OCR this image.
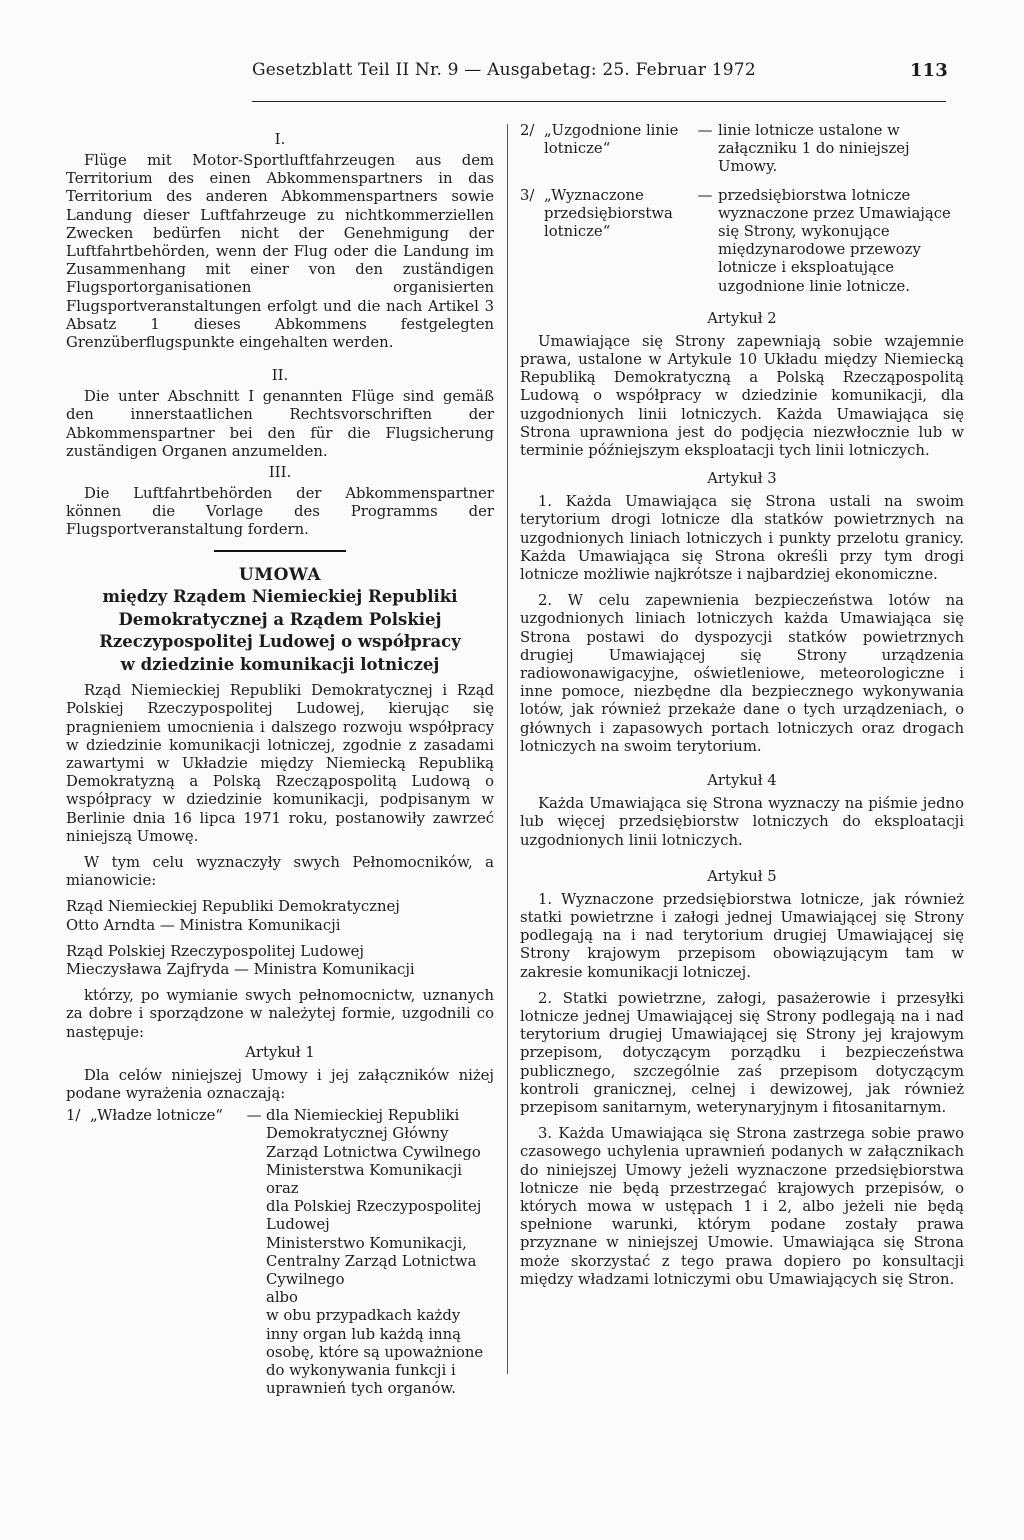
Gesetzblatt Teil II Nr. 9 — Ausgabetag: 25. Februar 1972	113
I.

Flüge mit Motor-Sportluftfahrzeugen aus dem Territorium des einen Abkommenspartners in das Territorium des anderen Abkommenspartners sowie Landung dieser Luftfahrzeuge zu nichtkommerziellen Zwecken bedürfen nicht der Genehmigung der Luftfahrtbehörden, wenn der Flug oder die Landung im Zusammenhang mit einer von den zuständigen Flugsportorganisationen organisierten Flugsportveranstaltungen erfolgt und die nach Artikel 3 Absatz 1 dieses Abkommens festgelegten Grenzüberflugspunkte eingehalten werden.

II.

Die unter Abschnitt I genannten Flüge sind gemäß den innerstaatlichen Rechtsvorschriften der Abkommenspartner bei den für die Flugsicherung zuständigen Organen anzumelden.

III.

Die Luftfahrtbehörden der Abkommenspartner können die Vorlage des Programms der Flugsportveranstaltung fordern.

UMOWA
między Rządem Niemieckiej Republiki
Demokratycznej a Rządem Polskiej
Rzeczypospolitej Ludowej o współpracy
w dziedzinie komunikacji lotniczej

Rząd Niemieckiej Republiki Demokratycznej i Rząd Polskiej Rzeczypospolitej Ludowej, kierując się pragnieniem umocnienia i dalszego rozwoju współpracy w dziedzinie komunikacji lotniczej, zgodnie z zasadami zawartymi w Układzie między Niemiecką Republiką Demokratyzną a Polską Rzecząpospolitą Ludową o współpracy w dziedzinie komunikacji, podpisanym w Berlinie dnia 16 lipca 1971 roku, postanowiły zawrzeć niniejszą Umowę.

W tym celu wyznaczyły swych Pełnomocników, a mianowicie:

Rząd Niemieckiej Republiki Demokratycznej

Otto Arndta — Ministra Komunikacji

Rząd Polskiej Rzeczypospolitej Ludowej

Mieczysława Zajfryda — Ministra Komunikacji

którzy, po wymianie swych pełnomocnictw, uznanych za dobre i sporządzone w należytej formie, uzgodnili co następuje:

Artykuł 1

Dla celów niniejszej Umowy i jej załączników niżej podane wyrażenia oznaczają:

1/ „Władze lotnicze“	— dla Niemieckiej Republiki
Demokratycznej Główny Zarząd Lotnictwa Cywilnego
Ministerstwa Komunikacji
oraz
dla Polskiej Rzeczypospolitej
Ludowej
Ministerstwo Komunikacji,
Centralny Zarząd Lotnictwa
Cywilnego
albo
w obu przypadkach każdy inny organ lub każdą inną osobę, które są upoważnione do wykonywania funkcji i uprawnień tych organów.
2/ „Uzgodnione linie lotnicze“
— linie lotnicze ustalone w załączniku 1 do niniejszej Umowy.
3/ „Wyznaczone przedsiębiorstwa lotnicze“
— przedsiębiorstwa lotnicze wyznaczone przez Umawiające się Strony, wykonujące międzynarodowe przewozy lotnicze i eksploatujące uzgodnione linie lotnicze.
Artykuł 2

Umawiające się Strony zapewniają sobie wzajemnie prawa, ustalone w Artykule 10 Układu między Niemiecką Republiką Demokratyczną a Polską Rzecząpospolitą Ludową o współpracy w dziedzinie komunikacji, dla uzgodnionych linii lotniczych. Każda Umawiająca się Strona uprawniona jest do podjęcia niezwłocznie lub w terminie późniejszym eksploatacji tych linii lotniczych.

Artykuł 3

1. Każda Umawiająca się Strona ustali na swoim terytorium drogi lotnicze dla statków powietrznych na uzgodnionych liniach lotniczych i punkty przelotu granicy. Każda Umawiająca się Strona określi przy tym drogi lotnicze możliwie najkrótsze i najbardziej ekonomiczne.

2. W celu zapewnienia bezpieczeństwa lotów na uzgodnionych liniach lotniczych każda Umawiająca się Strona postawi do dyspozycji statków powietrznych drugiej Umawiającej się Strony urządzenia radiowonawigacyjne, oświetleniowe, meteorologiczne i inne pomoce, niezbędne dla bezpiecznego wykonywania lotów, jak również przekaże dane o tych urządzeniach, o głównych i zapasowych portach lotniczych oraz drogach lotniczych na swoim terytorium.

Artykuł 4

Każda Umawiająca się Strona wyznaczy na piśmie jedno lub więcej przedsiębiorstw lotniczych do eksploatacji uzgodnionych linii lotniczych.

Artykuł 5

1. Wyznaczone przedsiębiorstwa lotnicze, jak również statki powietrzne i załogi jednej Umawiającej się Strony podlegają na i nad terytorium drugiej Umawiającej się Strony krajowym przepisom obowiązującym tam w zakresie komunikacji lotniczej.

2. Statki powietrzne, załogi, pasażerowie i przesyłki lotnicze jednej Umawiającej się Strony podlegają na i nad terytorium drugiej Umawiającej się Strony jej krajowym przepisom, dotyczącym porządku i bezpieczeństwa publicznego, szczególnie zaś przepisom dotyczącym kontroli granicznej, celnej i dewizowej, jak również przepisom sanitarnym, weterynaryjnym i fitosanitarnym.

3. Każda Umawiająca się Strona zastrzega sobie prawo czasowego uchylenia uprawnień podanych w załącznikach do niniejszej Umowy jeżeli wyznaczone przedsiębiorstwa lotnicze nie będą przestrzegać krajowych przepisów, o których mowa w ustępach 1 i 2, albo jeżeli nie będą spełnione warunki, którym podane zostały prawa przyznane w niniejszej Umowie. Umawiająca się Strona może skorzystać z tego prawa dopiero po konsultacji między władzami lotniczymi obu Umawiających się Stron.
